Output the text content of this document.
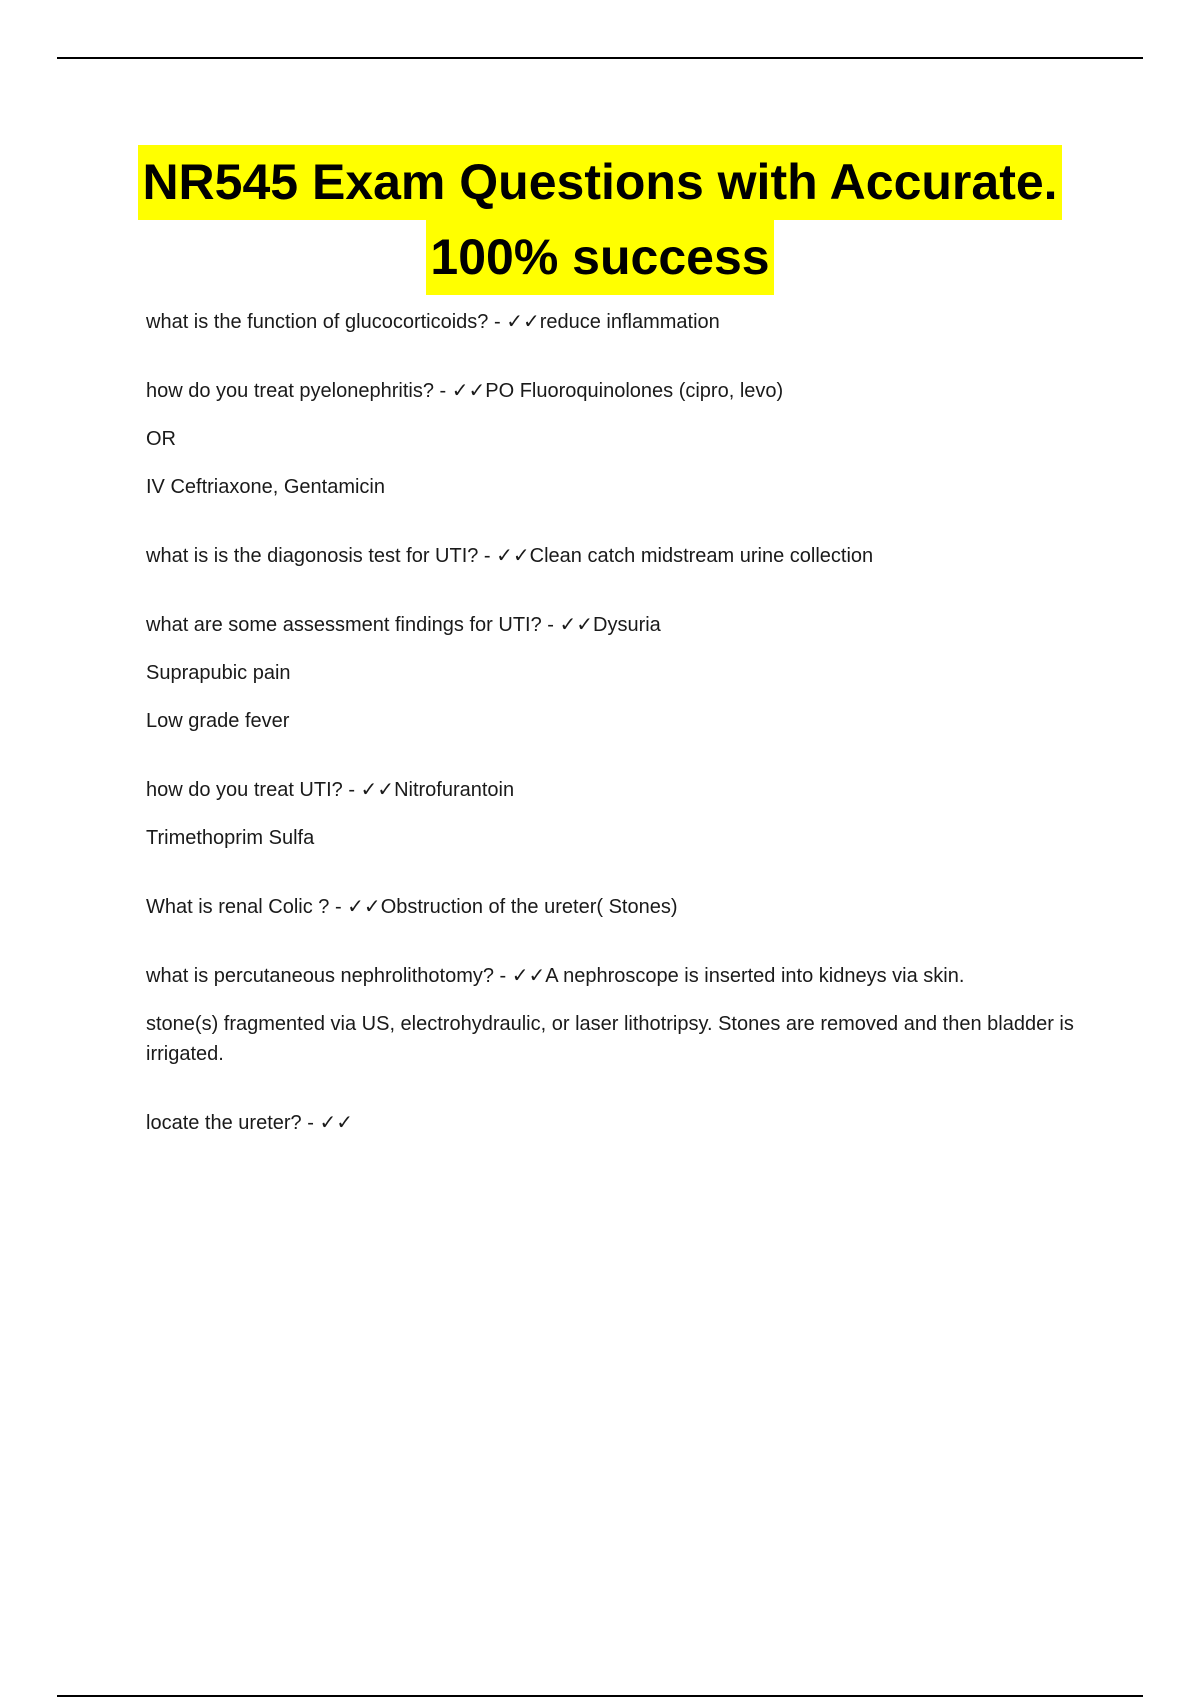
NR545 Exam Questions with Accurate.
100% success

what is the function of glucocorticoids? - ✓✓reduce inflammation

how do you treat pyelonephritis? - ✓✓PO Fluoroquinolones (cipro, levo)

OR

IV Ceftriaxone, Gentamicin

what is is the diagonosis test for UTI? - ✓✓Clean catch midstream urine collection

what are some assessment findings for UTI? - ✓✓Dysuria

Suprapubic pain

Low grade fever

how do you treat UTI? - ✓✓Nitrofurantoin

Trimethoprim Sulfa

What is renal Colic ? - ✓✓Obstruction of the ureter( Stones)

what is percutaneous nephrolithotomy? - ✓✓A nephroscope is inserted into kidneys via skin.

stone(s) fragmented via US, electrohydraulic, or laser lithotripsy. Stones are removed and then bladder is irrigated.

locate the ureter? - ✓✓
